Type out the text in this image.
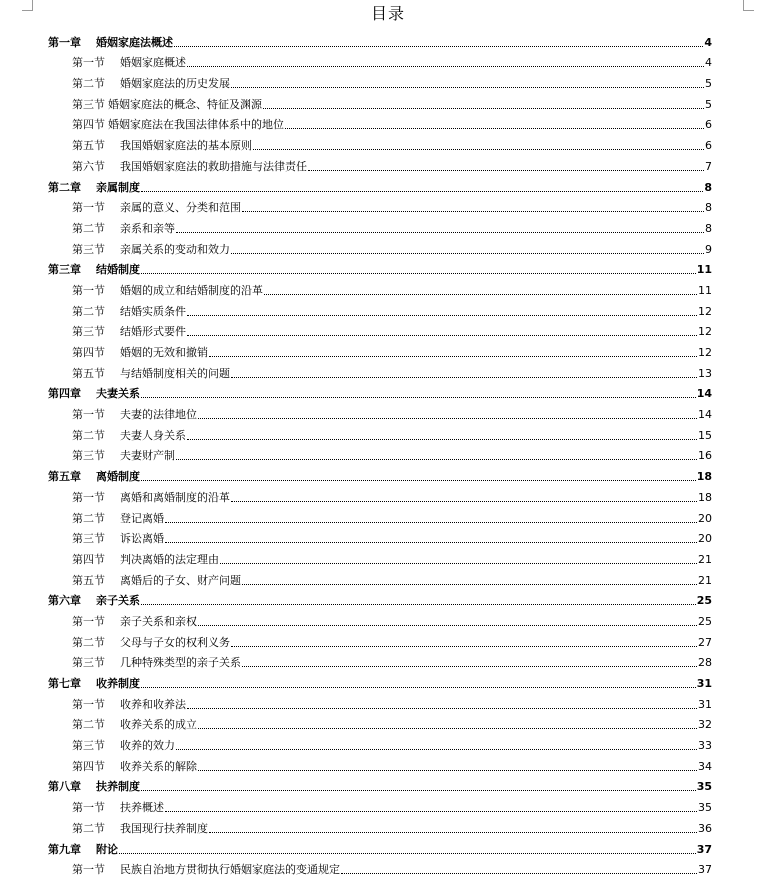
目录
第一章	婚姻家庭法概述	4
第一节	婚姻家庭概述	4
第二节	婚姻家庭法的历史发展	5
第三节 婚姻家庭法的概念、特征及渊源	5
第四节 婚姻家庭法在我国法律体系中的地位	6
第五节	我国婚姻家庭法的基本原则	6
第六节	我国婚姻家庭法的救助措施与法律责任	7
第二章	亲属制度	8
第一节	亲属的意义、分类和范围	8
第二节	亲系和亲等	8
第三节	亲属关系的变动和效力	9
第三章	结婚制度	11
第一节	婚姻的成立和结婚制度的沿革	11
第二节	结婚实质条件	12
第三节	结婚形式要件	12
第四节	婚姻的无效和撤销	12
第五节	与结婚制度相关的问题	13
第四章	夫妻关系	14
第一节	夫妻的法律地位	14
第二节	夫妻人身关系	15
第三节	夫妻财产制	16
第五章	离婚制度	18
第一节	离婚和离婚制度的沿革	18
第二节	登记离婚	20
第三节	诉讼离婚	20
第四节	判决离婚的法定理由	21
第五节	离婚后的子女、财产问题	21
第六章	亲子关系	25
第一节	亲子关系和亲权	25
第二节	父母与子女的权利义务	27
第三节	几种特殊类型的亲子关系	28
第七章	收养制度	31
第一节	收养和收养法	31
第二节	收养关系的成立	32
第三节	收养的效力	33
第四节	收养关系的解除	34
第八章	扶养制度	35
第一节	扶养概述	35
第二节	我国现行扶养制度	36
第九章	附论	37
第一节	民族自治地方贯彻执行婚姻家庭法的变通规定	37
